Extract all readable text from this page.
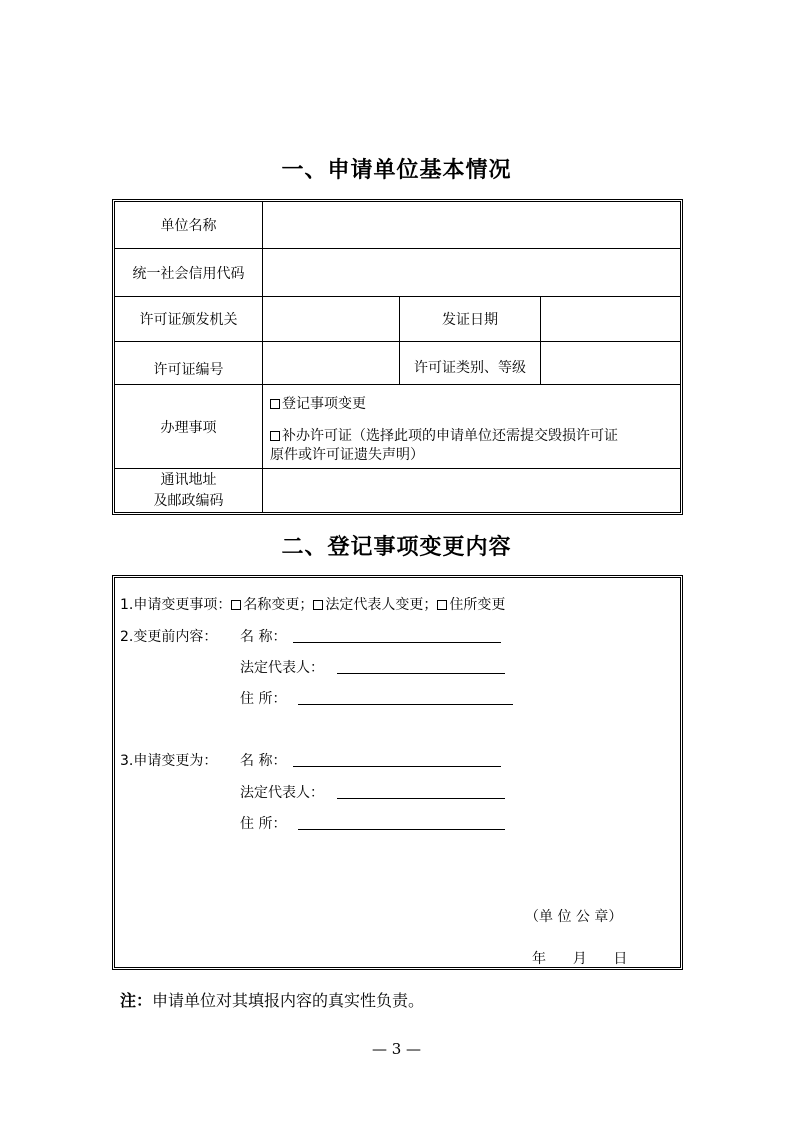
一、申请单位基本情况
单位名称
统一社会信用代码
许可证颁发机关	发证日期
许可证编号	许可证类别、等级
办理事项
登记事项变更
补办许可证（选择此项的申请单位还需提交毁损许可证
原件或许可证遗失声明）
通讯地址
及邮政编码
二、登记事项变更内容
1.申请变更事项： 名称变更； 法定代表人变更； 住所变更
2.变更前内容： 名 称：
法定代表人：
住 所：
3.申请变更为： 名 称：
法定代表人：
住 所：
（单 位 公 章）
年      月      日
注：申请单位对其填报内容的真实性负责。
— 3 —
